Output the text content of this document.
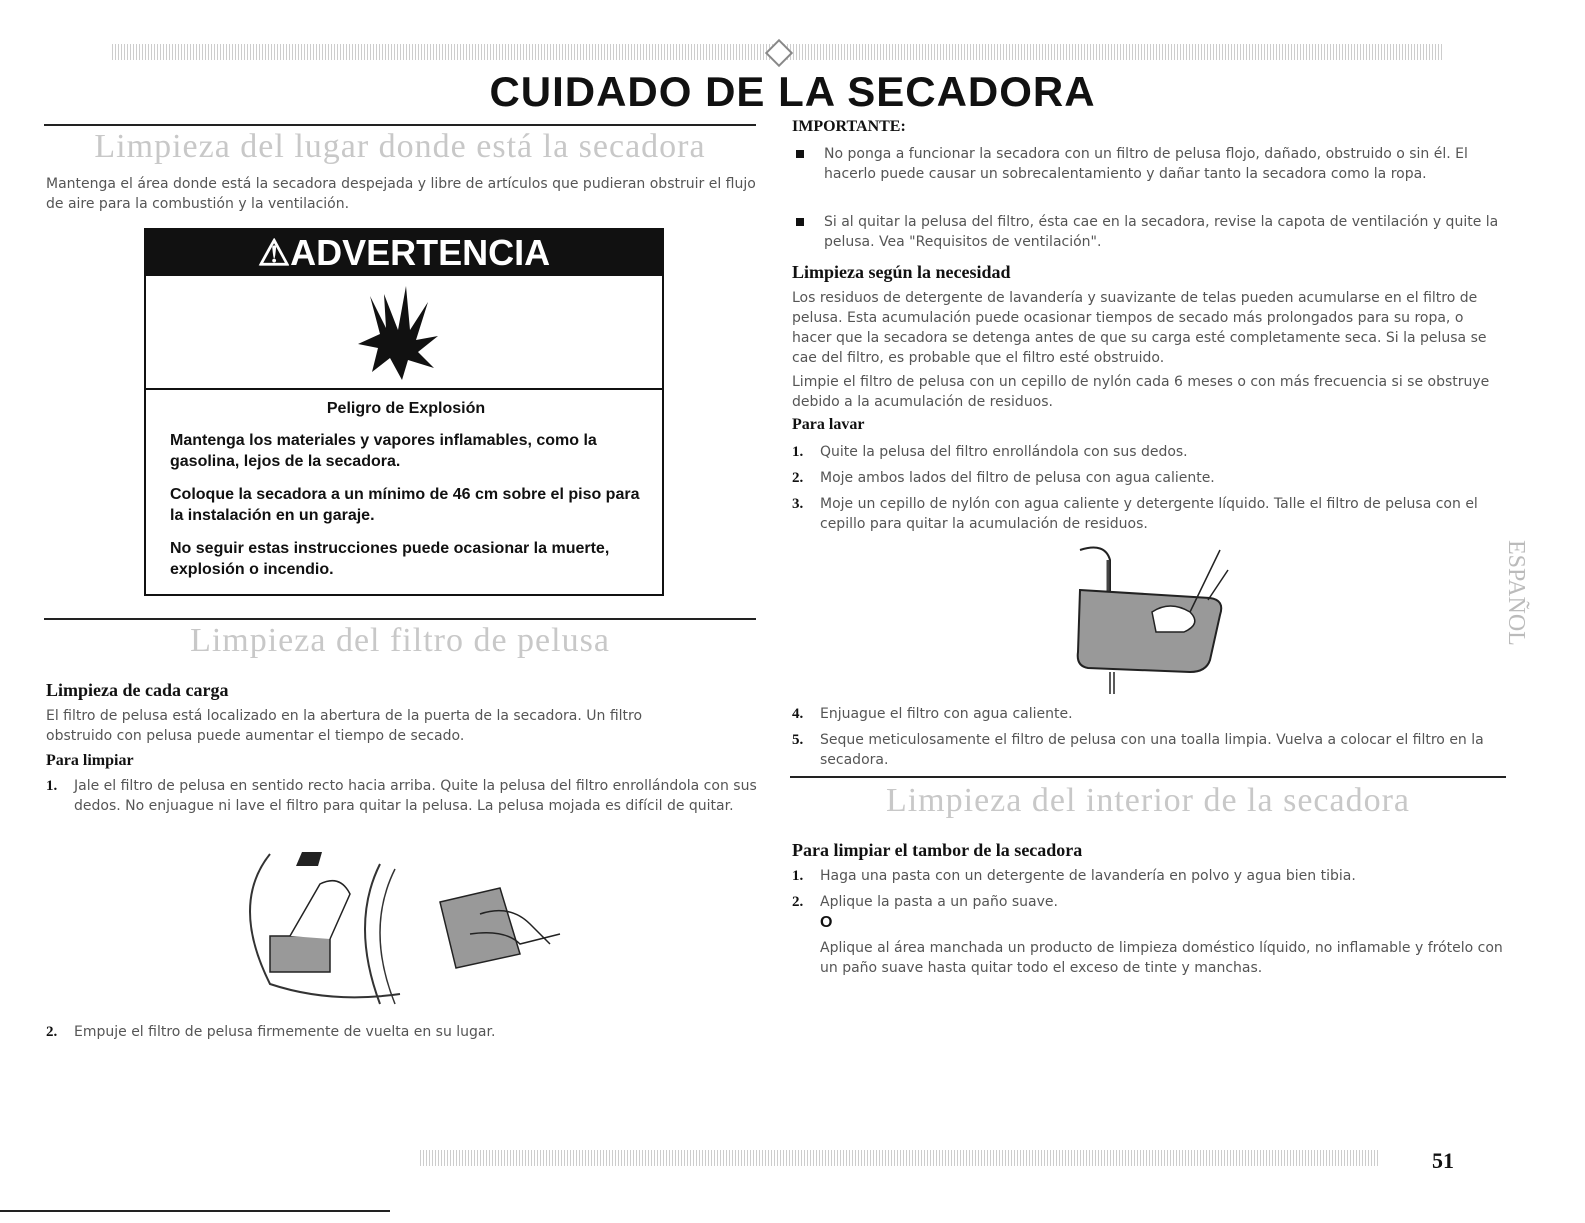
CUIDADO DE LA SECADORA
Limpieza del lugar donde está la secadora
Mantenga el área donde está la secadora despejada y libre de artículos que pudieran obstruir el flujo de aire para la combustión y la ventilación.
⚠ADVERTENCIA
Peligro de Explosión
Mantenga los materiales y vapores inflamables, como la gasolina, lejos de la secadora.
Coloque la secadora a un mínimo de 46 cm sobre el piso para la instalación en un garaje.
No seguir estas instrucciones puede ocasionar la muerte, explosión o incendio.
Limpieza del filtro de pelusa
Limpieza de cada carga
El filtro de pelusa está localizado en la abertura de la puerta de la secadora. Un filtro obstruido con pelusa puede aumentar el tiempo de secado.
Para limpiar
1. Jale el filtro de pelusa en sentido recto hacia arriba. Quite la pelusa del filtro enrollándola con sus dedos. No enjuague ni lave el filtro para quitar la pelusa. La pelusa mojada es difícil de quitar.
2. Empuje el filtro de pelusa firmemente de vuelta en su lugar.
IMPORTANTE:
No ponga a funcionar la secadora con un filtro de pelusa flojo, dañado, obstruido o sin él. El hacerlo puede causar un sobrecalentamiento y dañar tanto la secadora como la ropa.
Si al quitar la pelusa del filtro, ésta cae en la secadora, revise la capota de ventilación y quite la pelusa. Vea "Requisitos de ventilación".
Limpieza según la necesidad
Los residuos de detergente de lavandería y suavizante de telas pueden acumularse en el filtro de pelusa. Esta acumulación puede ocasionar tiempos de secado más prolongados para su ropa, o hacer que la secadora se detenga antes de que su carga esté completamente seca. Si la pelusa se cae del filtro, es probable que el filtro esté obstruido.
Limpie el filtro de pelusa con un cepillo de nylón cada 6 meses o con más frecuencia si se obstruye debido a la acumulación de residuos.
Para lavar
1. Quite la pelusa del filtro enrollándola con sus dedos.
2. Moje ambos lados del filtro de pelusa con agua caliente.
3. Moje un cepillo de nylón con agua caliente y detergente líquido. Talle el filtro de pelusa con el cepillo para quitar la acumulación de residuos.
4. Enjuague el filtro con agua caliente.
5. Seque meticulosamente el filtro de pelusa con una toalla limpia. Vuelva a colocar el filtro en la secadora.
Limpieza del interior de la secadora
Para limpiar el tambor de la secadora
1. Haga una pasta con un detergente de lavandería en polvo y agua bien tibia.
2. Aplique la pasta a un paño suave.
O
Aplique al área manchada un producto de limpieza doméstico líquido, no inflamable y frótelo con un paño suave hasta quitar todo el exceso de tinte y manchas.
ESPAÑOL
51
